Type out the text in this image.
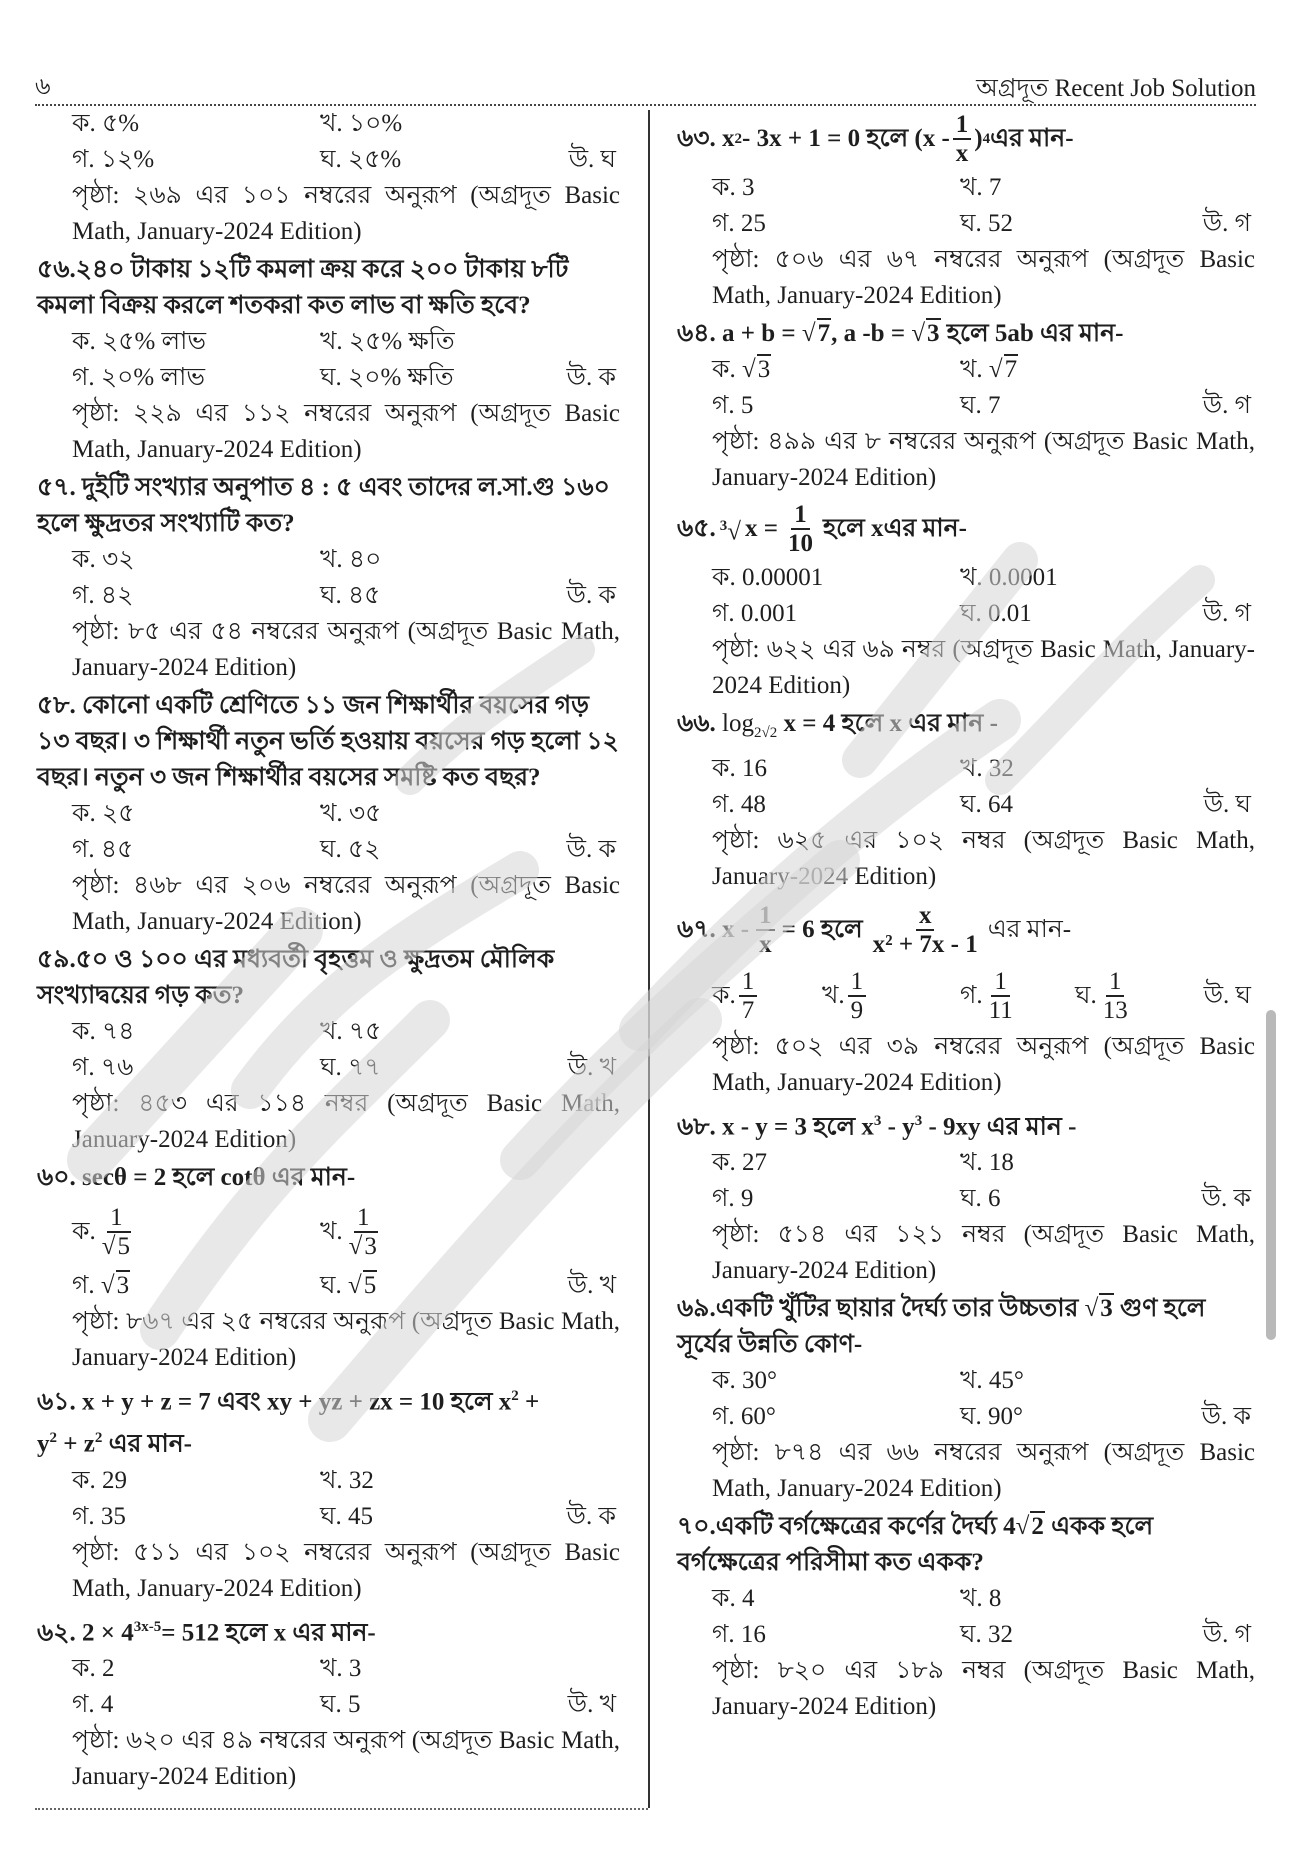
৬	অগ্রদূত Recent Job Solution
ক. ৫%	খ. ১০%
গ. ১২%	ঘ. ২৫%	উ. ঘ
পৃষ্ঠা: ২৬৯ এর ১০১ নম্বরের অনুরূপ (অগ্রদূত Basic Math, January-2024 Edition)
৫৬.২৪০ টাকায় ১২টি কমলা ক্রয় করে ২০০ টাকায় ৮টি কমলা বিক্রয় করলে শতকরা কত লাভ বা ক্ষতি হবে?
ক. ২৫% লাভ	খ. ২৫% ক্ষতি
গ. ২০% লাভ	ঘ. ২০% ক্ষতি	উ. ক
পৃষ্ঠা: ২২৯ এর ১১২ নম্বরের অনুরূপ (অগ্রদূত Basic Math, January-2024 Edition)
৫৭. দুইটি সংখ্যার অনুপাত ৪ : ৫ এবং তাদের ল.সা.গু ১৬০ হলে ক্ষুদ্রতর সংখ্যাটি কত?
ক. ৩২	খ. ৪০
গ. ৪২	ঘ. ৪৫	উ. ক
পৃষ্ঠা: ৮৫ এর ৫৪ নম্বরের অনুরূপ (অগ্রদূত Basic Math, January-2024 Edition)
৫৮. কোনো একটি শ্রেণিতে ১১ জন শিক্ষার্থীর বয়সের গড় ১৩ বছর। ৩ শিক্ষার্থী নতুন ভর্তি হওয়ায় বয়সের গড় হলো ১২ বছর। নতুন ৩ জন শিক্ষার্থীর বয়সের সমষ্টি কত বছর?
ক. ২৫	খ. ৩৫
গ. ৪৫	ঘ. ৫২	উ. ক
পৃষ্ঠা: ৪৬৮ এর ২০৬ নম্বরের অনুরূপ (অগ্রদূত Basic Math, January-2024 Edition)
৫৯.৫০ ও ১০০ এর মধ্যবর্তী বৃহত্তম ও ক্ষুদ্রতম মৌলিক সংখ্যাদ্বয়ের গড় কত?
ক. ৭৪	খ. ৭৫
গ. ৭৬	ঘ. ৭৭	উ. খ
পৃষ্ঠা: ৪৫৩ এর ১১৪ নম্বর (অগ্রদূত Basic Math, January-2024 Edition)
৬০. secθ = 2 হলে cotθ এর মান-
ক. $\frac{1}{√5}$	খ. $\frac{1}{√3}$
গ. √3	ঘ. √5	উ. খ
পৃষ্ঠা: ৮৬৭ এর ২৫ নম্বরের অনুরূপ (অগ্রদূত Basic Math, January-2024 Edition)
৬১. x + y + z = 7 এবং xy + yz + zx = 10 হলে $x^2$ +
$y^2 + z^2$ এর মান-
ক. 29	খ. 32
গ. 35	ঘ. 45	উ. ক
পৃষ্ঠা: ৫১১ এর ১০২ নম্বরের অনুরূপ (অগ্রদূত Basic Math, January-2024 Edition)
৬২. $2 \times 4^{3x-5}= 512$ হলে x এর মান-
ক. 2	খ. 3
গ. 4	ঘ. 5	উ. খ
পৃষ্ঠা: ৬২০ এর ৪৯ নম্বরের অনুরূপ (অগ্রদূত Basic Math, January-2024 Edition)
৬৩. x 2 - 3x + 1 = 0 হলে ($x - \frac{1}{x}$ ) 4 এর মান-
ক. 3	খ. 7
গ. 25	ঘ. 52	উ. গ
পৃষ্ঠা: ৫০৬ এর ৬৭ নম্বরের অনুরূপ (অগ্রদূত Basic Math, January-2024 Edition)
৬৪. a + b = √7, a -b = √3 হলে 5ab এর মান-
ক. √3	খ. √7
গ. 5	ঘ. 7	উ. গ
পৃষ্ঠা: ৪৯৯ এর ৮ নম্বরের অনুরূপ (অগ্রদূত Basic Math, January-2024 Edition)
৬৫. $^3$√ $x = \frac{1}{10}$ হলে xএর মান-
ক. 0.00001	খ. 0.0001
গ. 0.001	ঘ. 0.01	উ. গ
পৃষ্ঠা: ৬২২ এর ৬৯ নম্বর (অগ্রদূত Basic Math, January-2024 Edition)
৬৬. $\log_{2√2} x = 4$ হলে x এর মান -
ক. 16	খ. 32
গ. 48	ঘ. 64	উ. ঘ
পৃষ্ঠা: ৬২৫ এর ১০২ নম্বর (অগ্রদূত Basic Math, January-2024 Edition)
৬৭. $x - \frac{1}{x} = 6$ হলে $\frac{x}{\text{x² + 7x - 1}}$ এর মান-
ক. $\frac{1}{7}$	খ. $\frac{1}{9}$	গ. $\frac{1}{11}$ ঘ. $\frac{1}{13}$	উ. ঘ
পৃষ্ঠা: ৫০২ এর ৩৯ নম্বরের অনুরূপ (অগ্রদূত Basic Math, January-2024 Edition)
৬৮. x - y = 3 হলে $x^3 - y^3 - 9xy$ এর মান -
ক. 27	খ. 18
গ. 9	ঘ. 6	উ. ক
পৃষ্ঠা: ৫১৪ এর ১২১ নম্বর (অগ্রদূত Basic Math, January-2024 Edition)
৬৯.একটি খুঁটির ছায়ার দৈর্ঘ্য তার উচ্চতার √3 গুণ হলে সূর্যের উন্নতি কোণ-
ক. 30°	খ. 45°
গ. 60°	ঘ. 90°	উ. ক
পৃষ্ঠা: ৮৭৪ এর ৬৬ নম্বরের অনুরূপ (অগ্রদূত Basic Math, January-2024 Edition)
৭০.একটি বর্গক্ষেত্রের কর্ণের দৈর্ঘ্য 4√2 একক হলে বর্গক্ষেত্রের পরিসীমা কত একক?
ক. 4	খ. 8
গ. 16	ঘ. 32	উ. গ
পৃষ্ঠা: ৮২০ এর ১৮৯ নম্বর (অগ্রদূত Basic Math, January-2024 Edition)
